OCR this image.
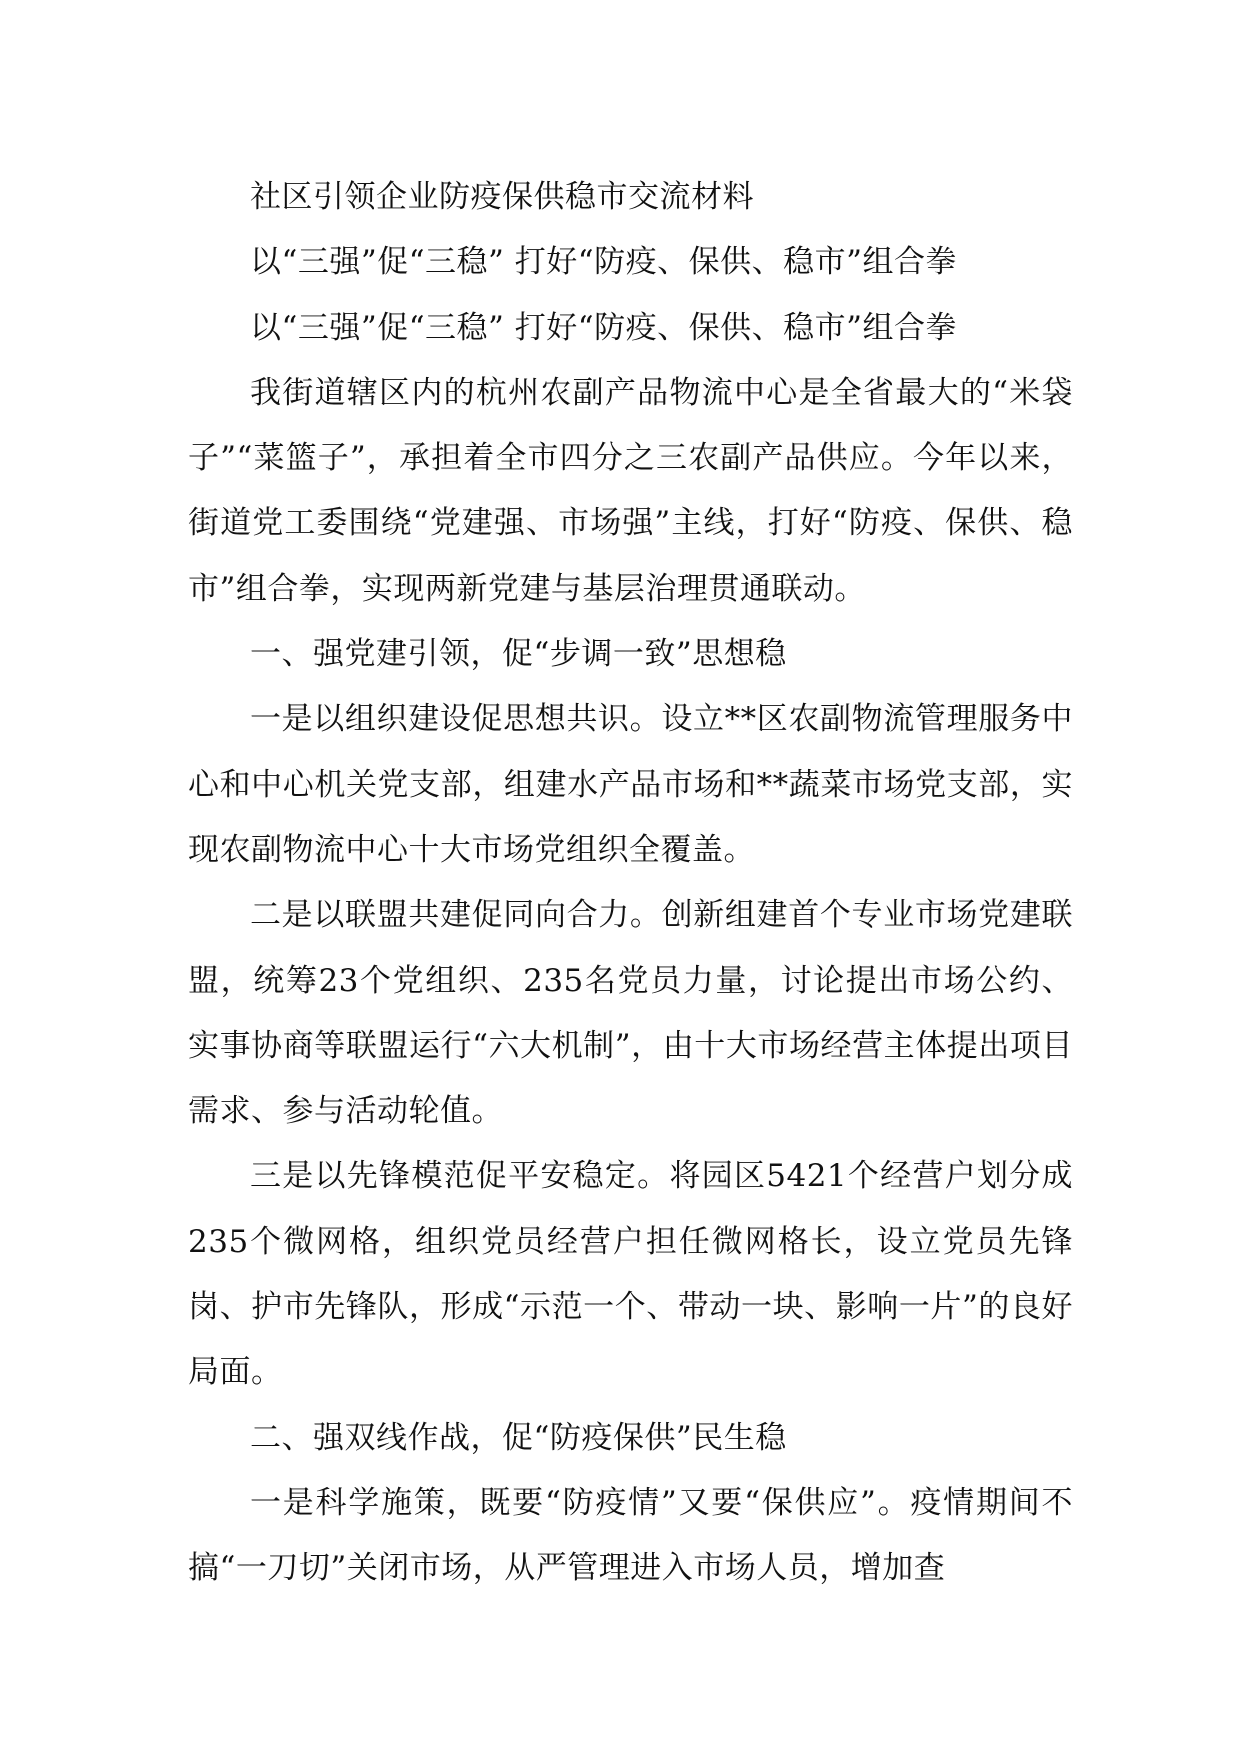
社区引领企业防疫保供稳市交流材料

以“三强”促“三稳” 打好“防疫、保供、稳市”组合拳

以“三强”促“三稳” 打好“防疫、保供、稳市”组合拳

我街道辖区内的杭州农副产品物流中心是全省最大的“米袋子”“菜篮子”，承担着全市四分之三农副产品供应。今年以来，街道党工委围绕“党建强、市场强”主线，打好“防疫、保供、稳市”组合拳，实现两新党建与基层治理贯通联动。

一、强党建引领，促“步调一致”思想稳

一是以组织建设促思想共识。设立**区农副物流管理服务中心和中心机关党支部，组建水产品市场和**蔬菜市场党支部，实现农副物流中心十大市场党组织全覆盖。

二是以联盟共建促同向合力。创新组建首个专业市场党建联盟，统筹23个党组织、235名党员力量，讨论提出市场公约、实事协商等联盟运行“六大机制”，由十大市场经营主体提出项目需求、参与活动轮值。

三是以先锋模范促平安稳定。将园区5421个经营户划分成235个微网格，组织党员经营户担任微网格长，设立党员先锋岗、护市先锋队，形成“示范一个、带动一块、影响一片”的良好局面。

二、强双线作战，促“防疫保供”民生稳

一是科学施策，既要“防疫情”又要“保供应”。疫情期间不搞“一刀切”关闭市场，从严管理进入市场人员，增加查
